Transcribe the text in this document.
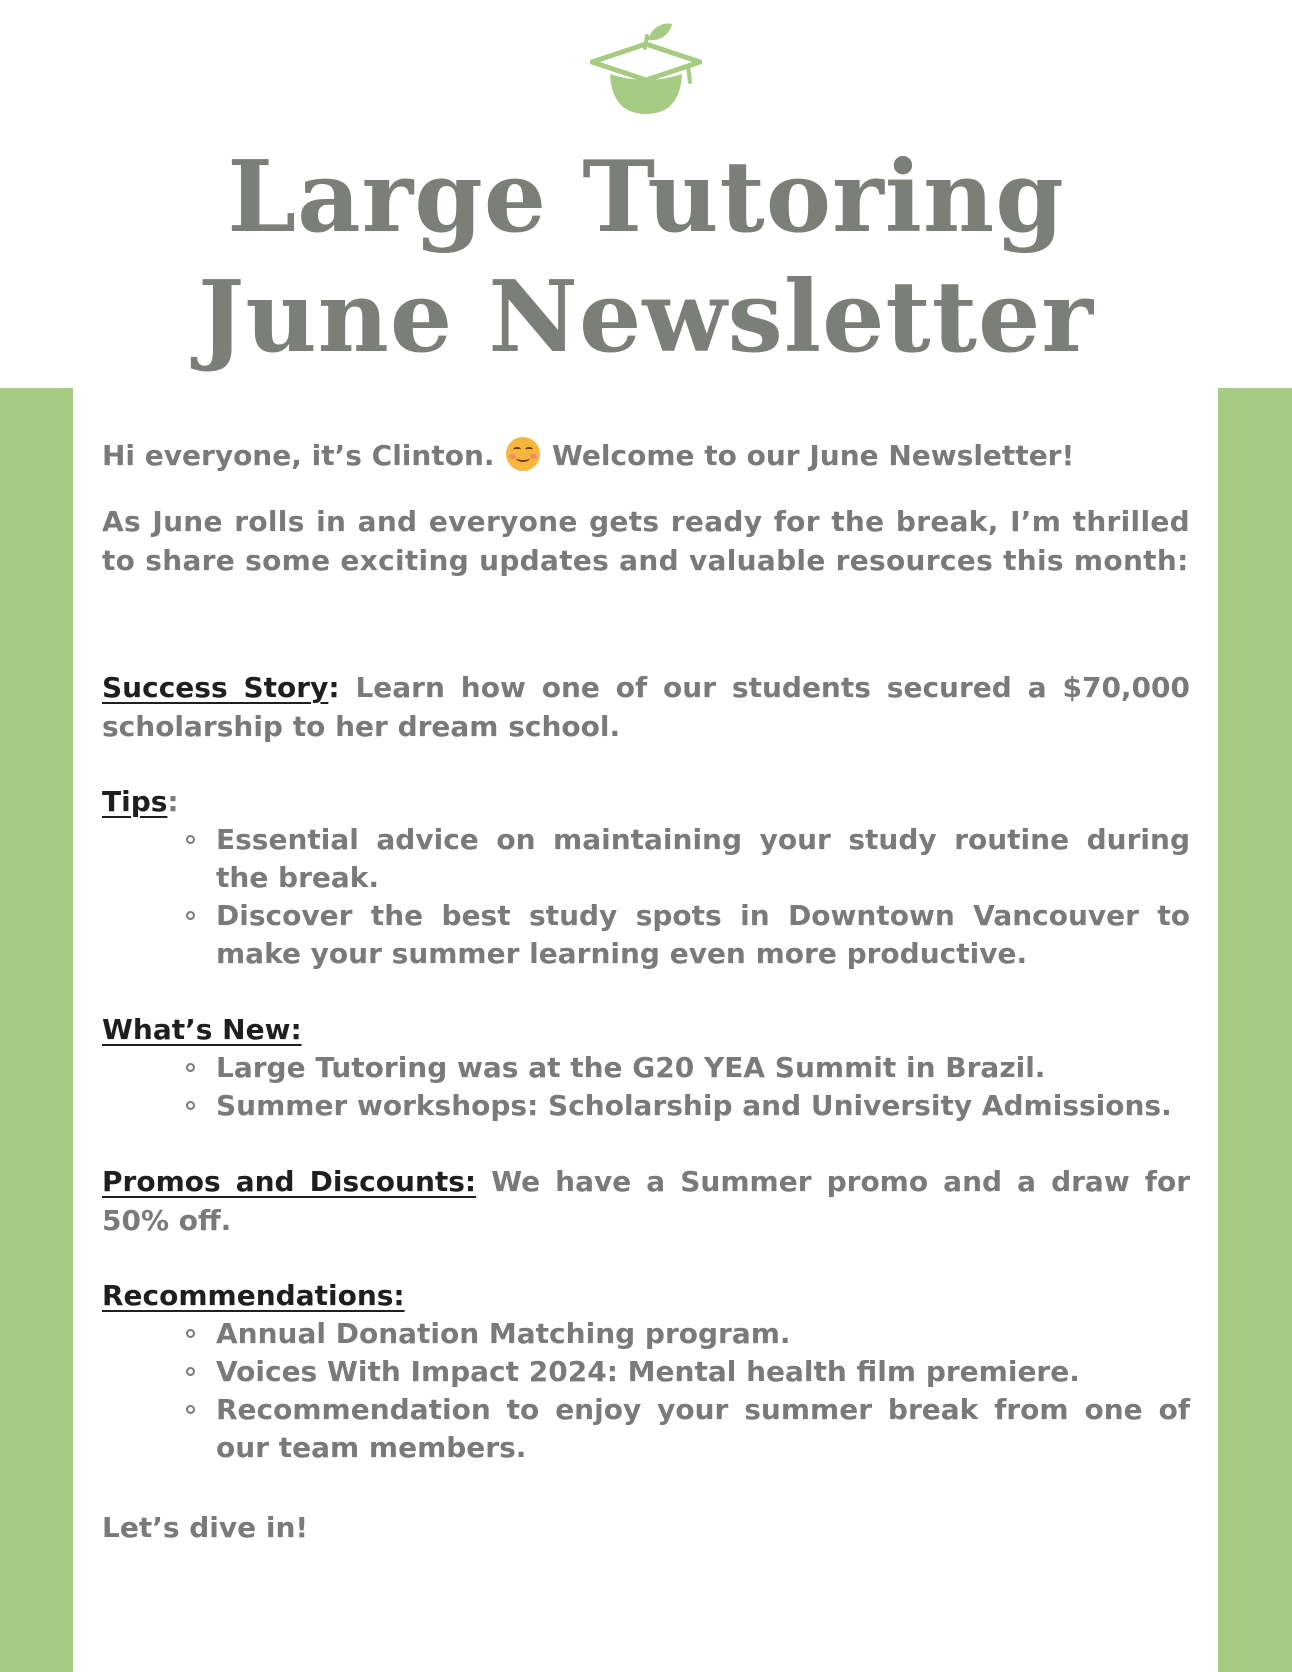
Large Tutoring
June Newsletter
Hi everyone, it’s Clinton. Welcome to our June Newsletter!

As June rolls in and everyone gets ready for the break, I’m thrilled to share some exciting updates and valuable resources this month:

Success Story: Learn how one of our students secured a $70,000 scholarship to her dream school.

Tips:

Essential advice on maintaining your study routine during the break.
Discover the best study spots in Downtown Vancouver to make your summer learning even more productive.

What’s New:

Large Tutoring was at the G20 YEA Summit in Brazil.
Summer workshops: Scholarship and University Admissions.

Promos and Discounts: We have a Summer promo and a draw for 50% off.

Recommendations:

Annual Donation Matching program.
Voices With Impact 2024: Mental health film premiere.
Recommendation to enjoy your summer break from one of our team members.

Let’s dive in!
